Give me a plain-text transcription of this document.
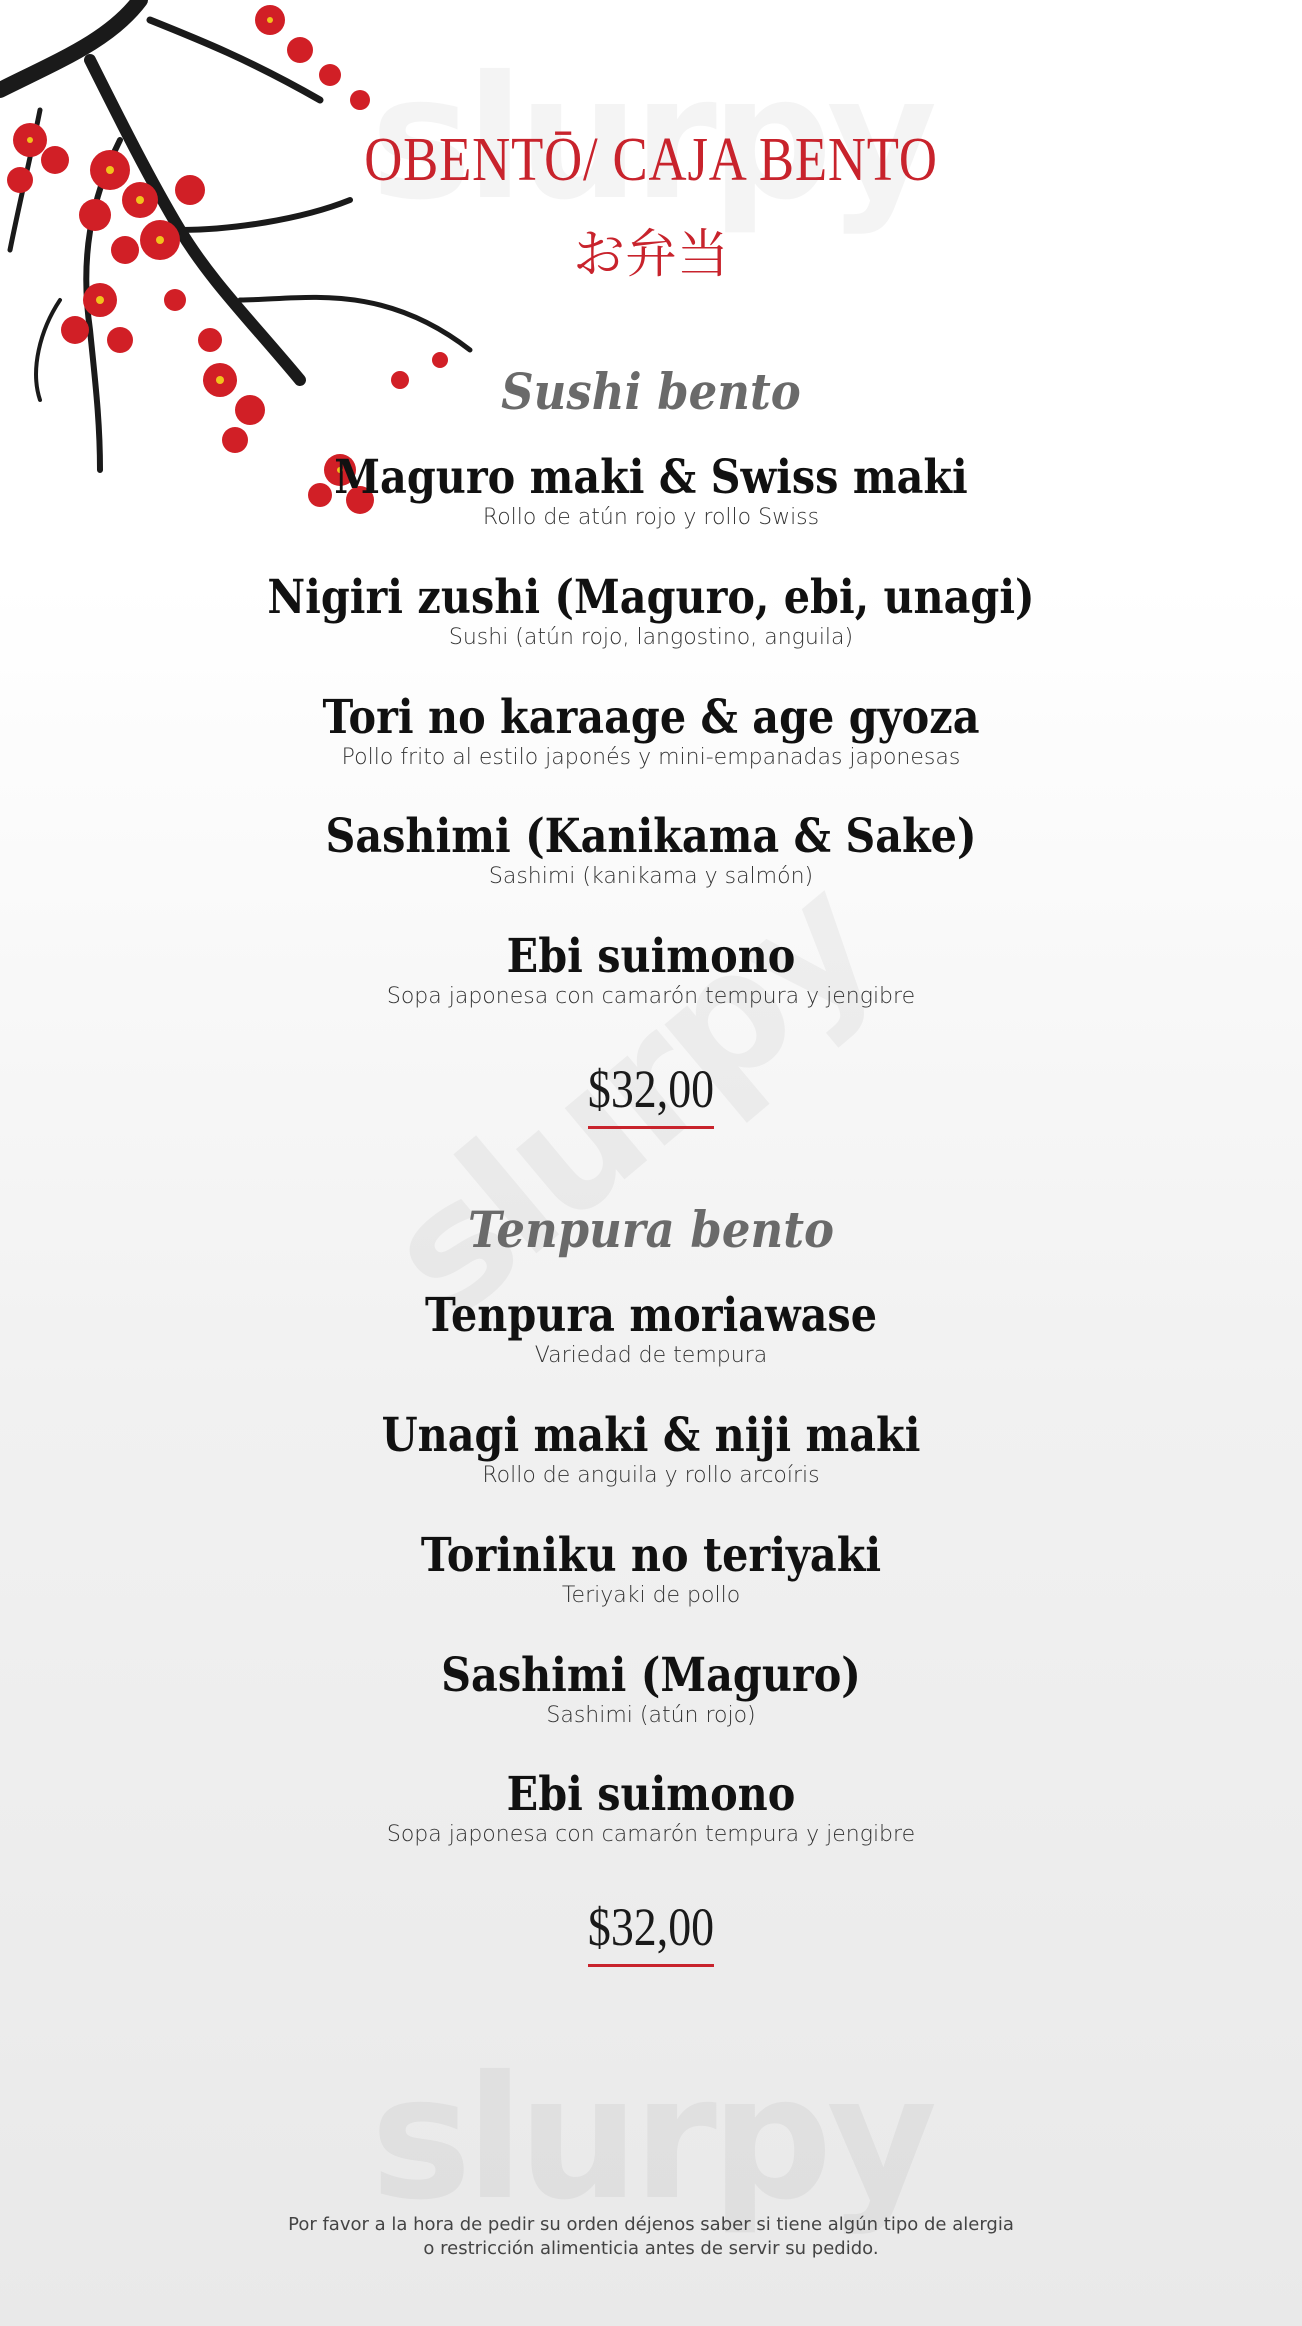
OBENTŌ/ CAJA BENTO
お弁当
Sushi bento
Maguro maki & Swiss maki
Rollo de atún rojo y rollo Swiss
Nigiri zushi (Maguro, ebi, unagi)
Sushi (atún rojo, langostino, anguila)
Tori no karaage & age gyoza
Pollo frito al estilo japonés y mini-empanadas japonesas
Sashimi (Kanikama & Sake)
Sashimi (kanikama y salmón)
Ebi suimono
Sopa japonesa con camarón tempura y jengibre
$32,00
Tenpura bento
Tenpura moriawase
Variedad de tempura
Unagi maki & niji maki
Rollo de anguila y rollo arcoíris
Toriniku no teriyaki
Teriyaki de pollo
Sashimi (Maguro)
Sashimi (atún rojo)
Ebi suimono
Sopa japonesa con camarón tempura y jengibre
$32,00
Por favor a la hora de pedir su orden déjenos saber si tiene algún tipo de alergia
o restricción alimenticia antes de servir su pedido.
